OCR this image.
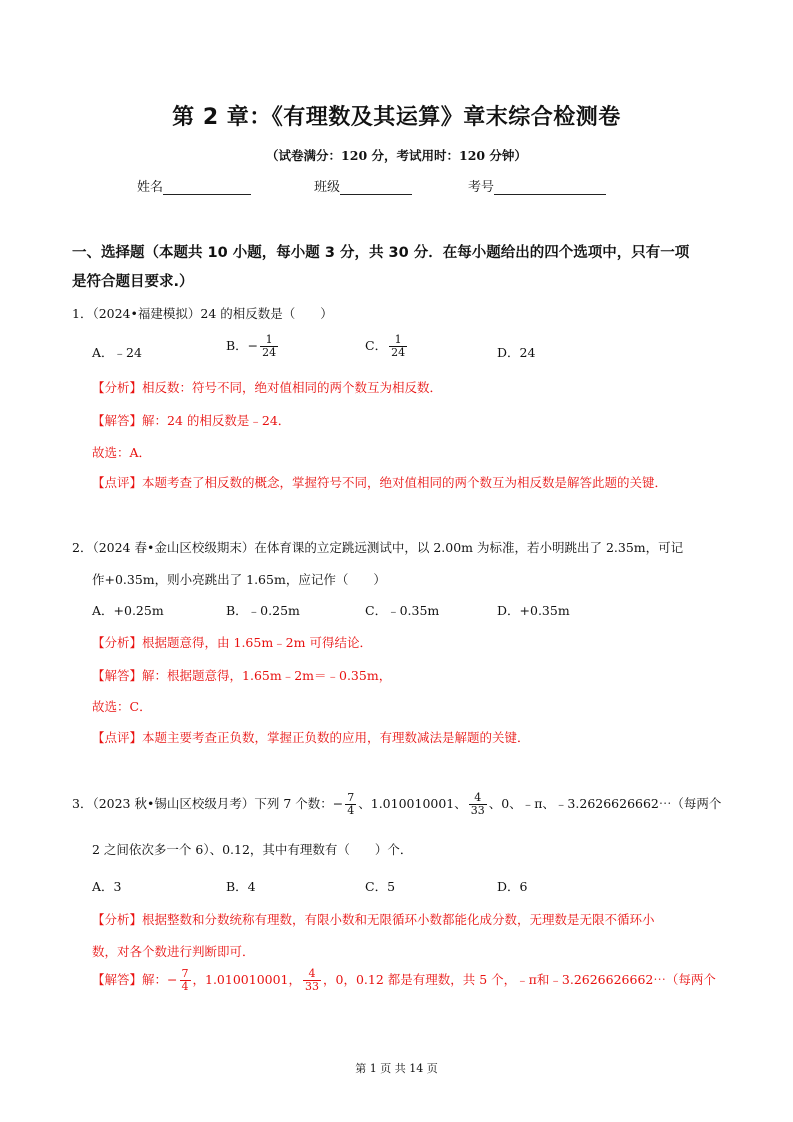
第 2 章：《有理数及其运算》章末综合检测卷
（试卷满分：120 分，考试用时：120 分钟）
姓名	班级	考号
一、选择题（本题共 10 小题，每小题 3 分，共 30 分．在每小题给出的四个选项中，只有一项
是符合题目要求.）
1．（2024•福建模拟）24 的相反数是（　　）
A．﹣24	B．− $\frac{1}{24}$	C． $\frac{1}{24}$	D．24
【分析】相反数：符号不同，绝对值相同的两个数互为相反数．
【解答】解：24 的相反数是﹣24．
故选：A．
【点评】本题考查了相反数的概念，掌握符号不同，绝对值相同的两个数互为相反数是解答此题的关键．
2．（2024 春•金山区校级期末）在体育课的立定跳远测试中，以 2.00m 为标准，若小明跳出了 2.35m，可记
作+0.35m，则小亮跳出了 1.65m，应记作（　　）
A．+0.25m	B．﹣0.25m	C．﹣0.35m	D．+0.35m
【分析】根据题意得，由 1.65m﹣2m 可得结论．
【解答】解：根据题意得，1.65m﹣2m＝﹣0.35m，
故选：C．
【点评】本题主要考查正负数，掌握正负数的应用，有理数减法是解题的关键．
3．（2023 秋•锡山区校级月考）下列 7 个数：− $\frac{7}{4}$ 、1.010010001、 $\frac{4}{33}$ 、0、﹣π、﹣3.2626626662⋯（每两个
2 之间依次多一个 6）、0.12，其中有理数有（　　）个．
A．3	B．4	C．5	D．6
【分析】根据整数和分数统称有理数，有限小数和无限循环小数都能化成分数，无理数是无限不循环小
数，对各个数进行判断即可．
【解答】解：− $\frac{7}{4}$ ，1.010010001， $\frac{4}{33}$ ，0，0.12 都是有理数，共 5 个，﹣π和﹣3.2626626662⋯（每两个
第 1 页 共 14 页
